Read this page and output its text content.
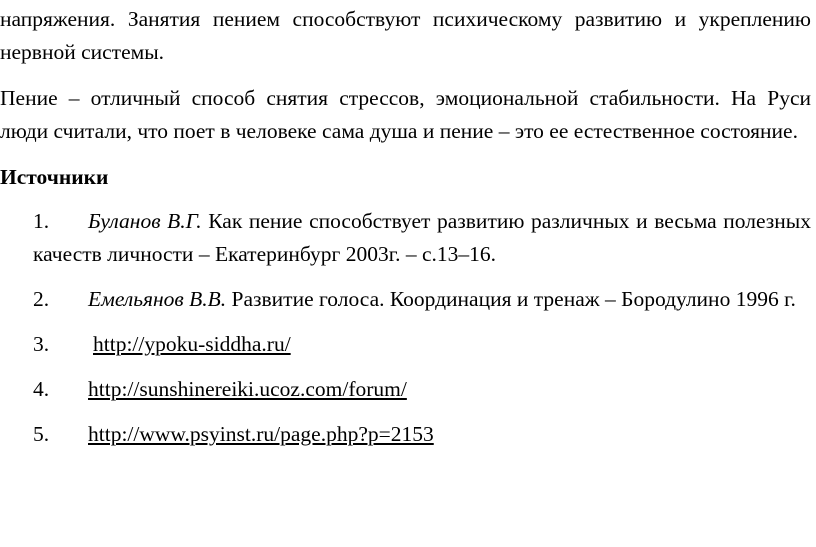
напряжения. Занятия пением способствуют психическому развитию и укреплению нервной системы.

Пение – отличный способ снятия стрессов, эмоциональной стабильности. На Руси люди считали, что поет в человеке сама душа и пение – это ее естественное состояние.

Источники
1. Буланов В.Г. Как пение способствует развитию различных и весьма полезных качеств личности – Екатеринбург 2003г. – с.13–16.
2. Емельянов В.В. Развитие голоса. Координация и тренаж – Бородулино 1996 г.
3. http://ypoku-siddha.ru/
4. http://sunshinereiki.ucoz.com/forum/
5. http://www.psyinst.ru/page.php?p=2153
